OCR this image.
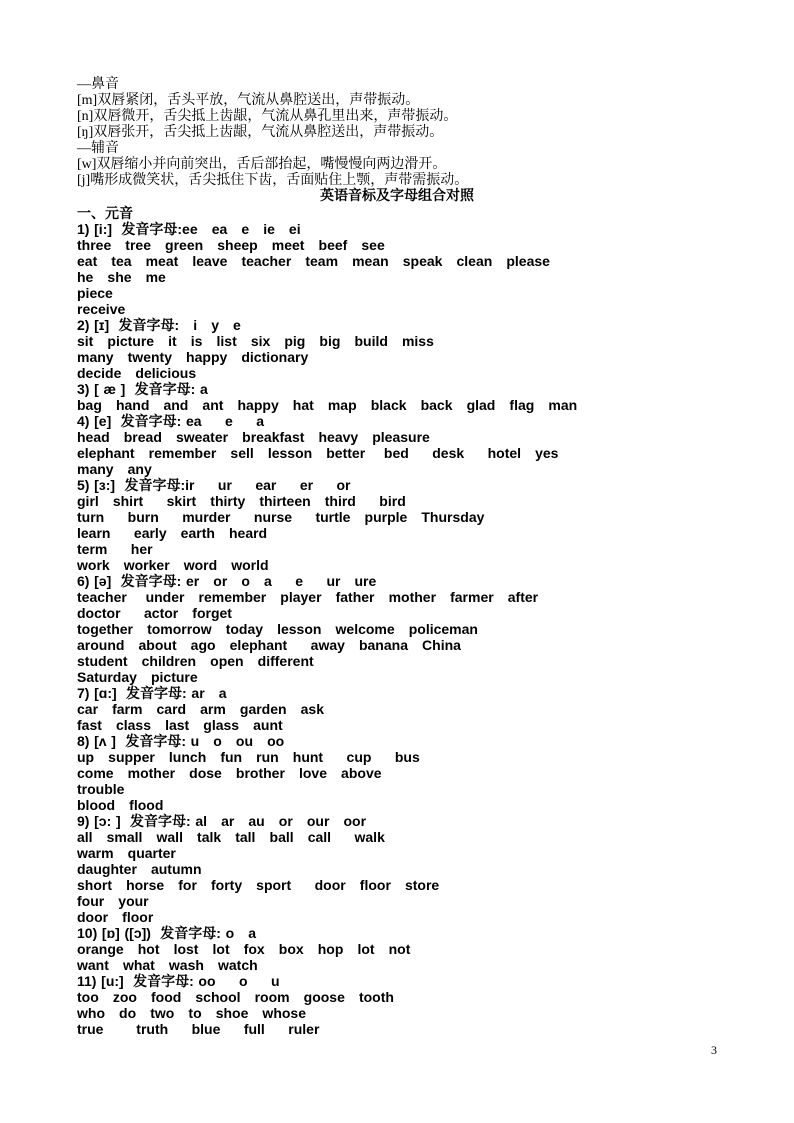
—鼻音
[m]双唇紧闭，舌头平放，气流从鼻腔送出，声带振动。
[n]双唇微开，舌尖抵上齿龈，气流从鼻孔里出来，声带振动。
[ŋ]双唇张开，舌尖抵上齿龈，气流从鼻腔送出，声带振动。
—辅音
[w]双唇缩小并向前突出，舌后部抬起，嘴慢慢向两边滑开。
[j]嘴形成微笑状，舌尖抵住下齿，舌面贴住上颚，声带需振动。
英语音标及字母组合对照
一、元音
1) [i:]  发音字母:ee   ea   e   ie   ei
three   tree   green   sheep   meet   beef   see
eat   tea   meat   leave   teacher   team   mean   speak   clean   please
he   she   me
piece
receive
2) [ɪ]  发音字母:   i   y   e
sit   picture   it   is   list   six   pig   big   build   miss
many   twenty   happy   dictionary
decide   delicious
3) [ æ ]  发音字母: a
bag   hand   and   ant   happy   hat   map   black   back   glad   flag   man
4) [e]  发音字母: ea     e     a
head   bread   sweater   breakfast   heavy   pleasure
elephant   remember   sell   lesson   better    bed     desk     hotel   yes
many   any
5) [ɜ:]  发音字母:ir     ur     ear     er     or
girl   shirt     skirt   thirty   thirteen   third     bird
turn     burn     murder     nurse     turtle   purple   Thursday
learn     early   earth   heard
term     her
work   worker   word   world
6) [ə]  发音字母: er   or   o   a     e     ur   ure
teacher    under   remember   player   father   mother   farmer   after
doctor     actor   forget
together   tomorrow   today   lesson   welcome   policeman
around   about   ago   elephant     away   banana   China
student   children   open   different
Saturday   picture
7) [ɑ:]  发音字母: ar   a
car   farm   card   arm   garden   ask
fast   class   last   glass   aunt
8) [ʌ ]  发音字母: u   o   ou   oo
up   supper   lunch   fun   run   hunt     cup     bus
come   mother   dose   brother   love   above
trouble
blood   flood
9) [ɔ: ]  发音字母: al   ar   au   or   our   oor
all   small   wall   talk   tall   ball   call     walk
warm   quarter
daughter   autumn
short   horse   for   forty   sport     door   floor   store
four   your
door   floor
10) [ɒ] ([ɔ])  发音字母: o   a
orange   hot   lost   lot   fox   box   hop   lot   not
want   what   wash   watch
11) [u:]  发音字母: oo     o     u
too   zoo   food   school   room   goose   tooth
who   do   two   to   shoe   whose
true       truth     blue     full     ruler
3
